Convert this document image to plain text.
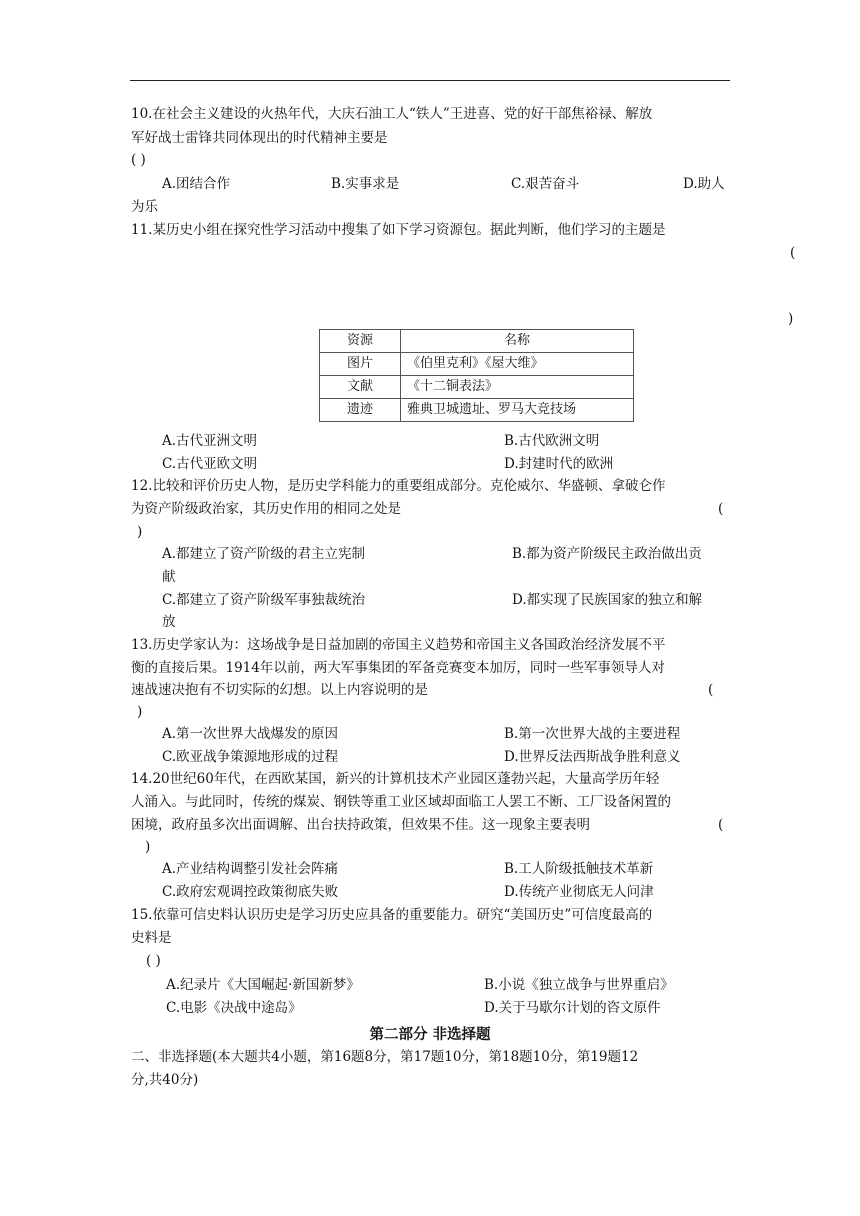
10.在社会主义建设的火热年代，大庆石油工人“铁人”王进喜、党的好干部焦裕禄、解放
军好战士雷锋共同体现出的时代精神主要是
( )
A.团结合作	B.实事求是	C.艰苦奋斗	D.助人
为乐
11.某历史小组在探究性学习活动中搜集了如下学习资源包。据此判断，他们学习的主题是
(
)
资源	名称
图片	《伯里克利》《屋大维》
文献	《十二铜表法》
遗迹	雅典卫城遗址、罗马大竞技场
A.古代亚洲文明	B.古代欧洲文明
C.古代亚欧文明	D.封建时代的欧洲
12.比较和评价历史人物，是历史学科能力的重要组成部分。克伦威尔、华盛顿、拿破仑作
为资产阶级政治家，其历史作用的相同之处是	(
)
A.都建立了资产阶级的君主立宪制	B.都为资产阶级民主政治做出贡
献
C.都建立了资产阶级军事独裁统治	D.都实现了民族国家的独立和解
放
13.历史学家认为：这场战争是日益加剧的帝国主义趋势和帝国主义各国政治经济发展不平
衡的直接后果。1914年以前，两大军事集团的军备竞赛变本加厉，同时一些军事领导人对
速战速决抱有不切实际的幻想。以上内容说明的是	(
)
A.第一次世界大战爆发的原因	B.第一次世界大战的主要进程
C.欧亚战争策源地形成的过程	D.世界反法西斯战争胜利意义
14.20世纪60年代，在西欧某国，新兴的计算机技术产业园区蓬勃兴起，大量高学历年轻
人涌入。与此同时，传统的煤炭、钢铁等重工业区域却面临工人罢工不断、工厂设备闲置的
困境，政府虽多次出面调解、出台扶持政策，但效果不佳。这一现象主要表明	(
)
A.产业结构调整引发社会阵痛	B.工人阶级抵触技术革新
C.政府宏观调控政策彻底失败	D.传统产业彻底无人问津
15.依靠可信史料认识历史是学习历史应具备的重要能力。研究“美国历史”可信度最高的
史料是
( )
A.纪录片《大国崛起·新国新梦》	B.小说《独立战争与世界重启》
C.电影《决战中途岛》	D.关于马歇尔计划的咨文原件
第二部分 非选择题
二、非选择题(本大题共4小题，第16题8分，第17题10分，第18题10分，第19题12
分,共40分)
